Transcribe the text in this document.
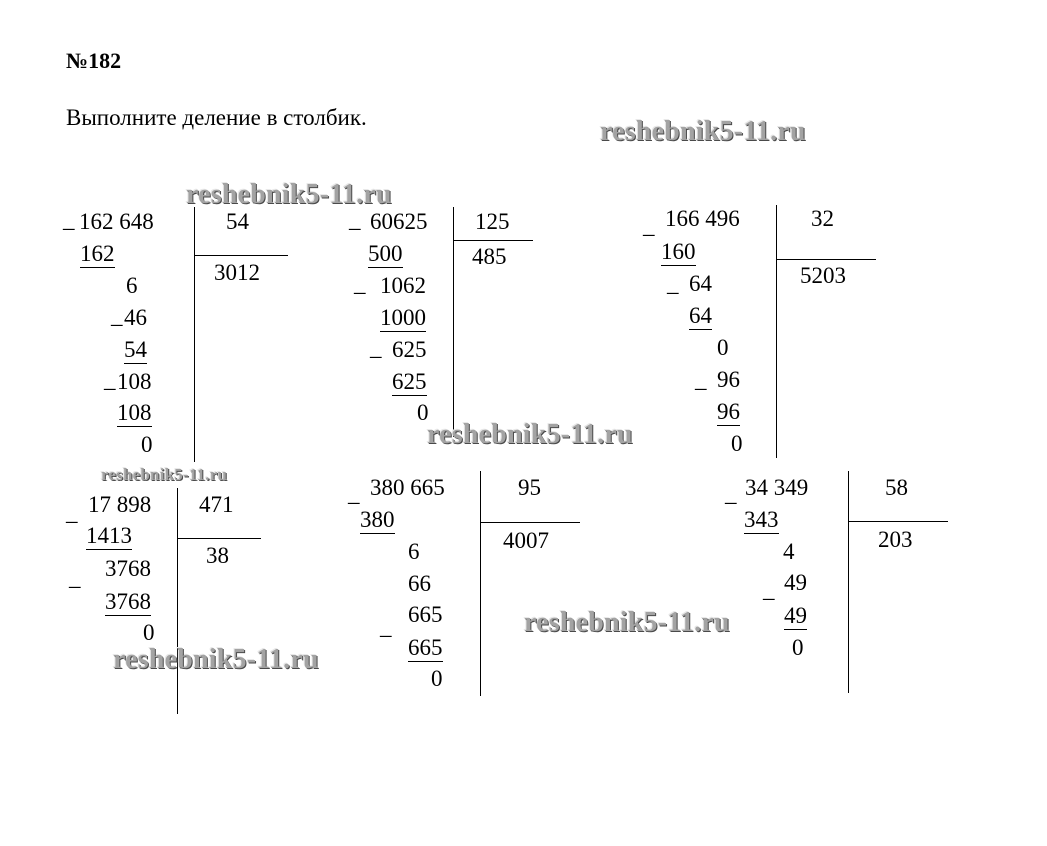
№182
Выполните деление в столбик.
_ 162 648	54
3012
162
6
_ 46
54
_ 108
108
0
_ 60625 125
485
500
_ 1062
1000
_ 625
625
0
_ 166 496	32
5203
160
_ 64
64
0
_ 96
96
0
_ 17 898 471
38
1413
_ 3768
3768
0
_ 380 665	95
4007
380
6
66
665
_
665
0
_ 34 349	58
203
343
4
_ 49
49
0
reshebnik5-11.ru
reshebnik5-11.ru
reshebnik5-11.ru
reshebnik5-11.ru
reshebnik5-11.ru
reshebnik5-11.ru
